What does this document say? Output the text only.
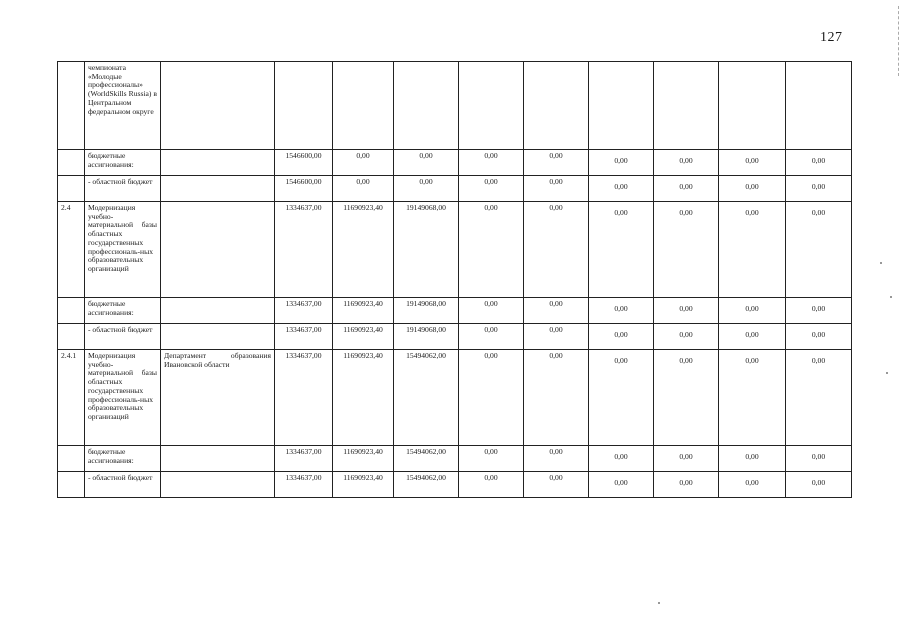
127
	чемпионата «Молодые профессионалы» (WorldSkills Russia) в Центральном федеральном округе										
	бюджетные ассигнования:		1546600,00	0,00	0,00	0,00	0,00	0,00	0,00	0,00	0,00
	- областной бюджет		1546600,00	0,00	0,00	0,00	0,00	0,00	0,00	0,00	0,00
2.4	Модернизация учебно-материальной базы областных государственных профессиональ-ных образовательных организаций		1334637,00	11690923,40	19149068,00	0,00	0,00	0,00	0,00	0,00	0,00
	бюджетные ассигнования:		1334637,00	11690923,40	19149068,00	0,00	0,00	0,00	0,00	0,00	0,00
	- областной бюджет		1334637,00	11690923,40	19149068,00	0,00	0,00	0,00	0,00	0,00	0,00
2.4.1	Модернизация учебно-материальной базы областных государственных профессиональ-ных образовательных организаций	Департамент образования Ивановской области	1334637,00	11690923,40	15494062,00	0,00	0,00	0,00	0,00	0,00	0,00
	бюджетные ассигнования:		1334637,00	11690923,40	15494062,00	0,00	0,00	0,00	0,00	0,00	0,00
	- областной бюджет		1334637,00	11690923,40	15494062,00	0,00	0,00	0,00	0,00	0,00	0,00
